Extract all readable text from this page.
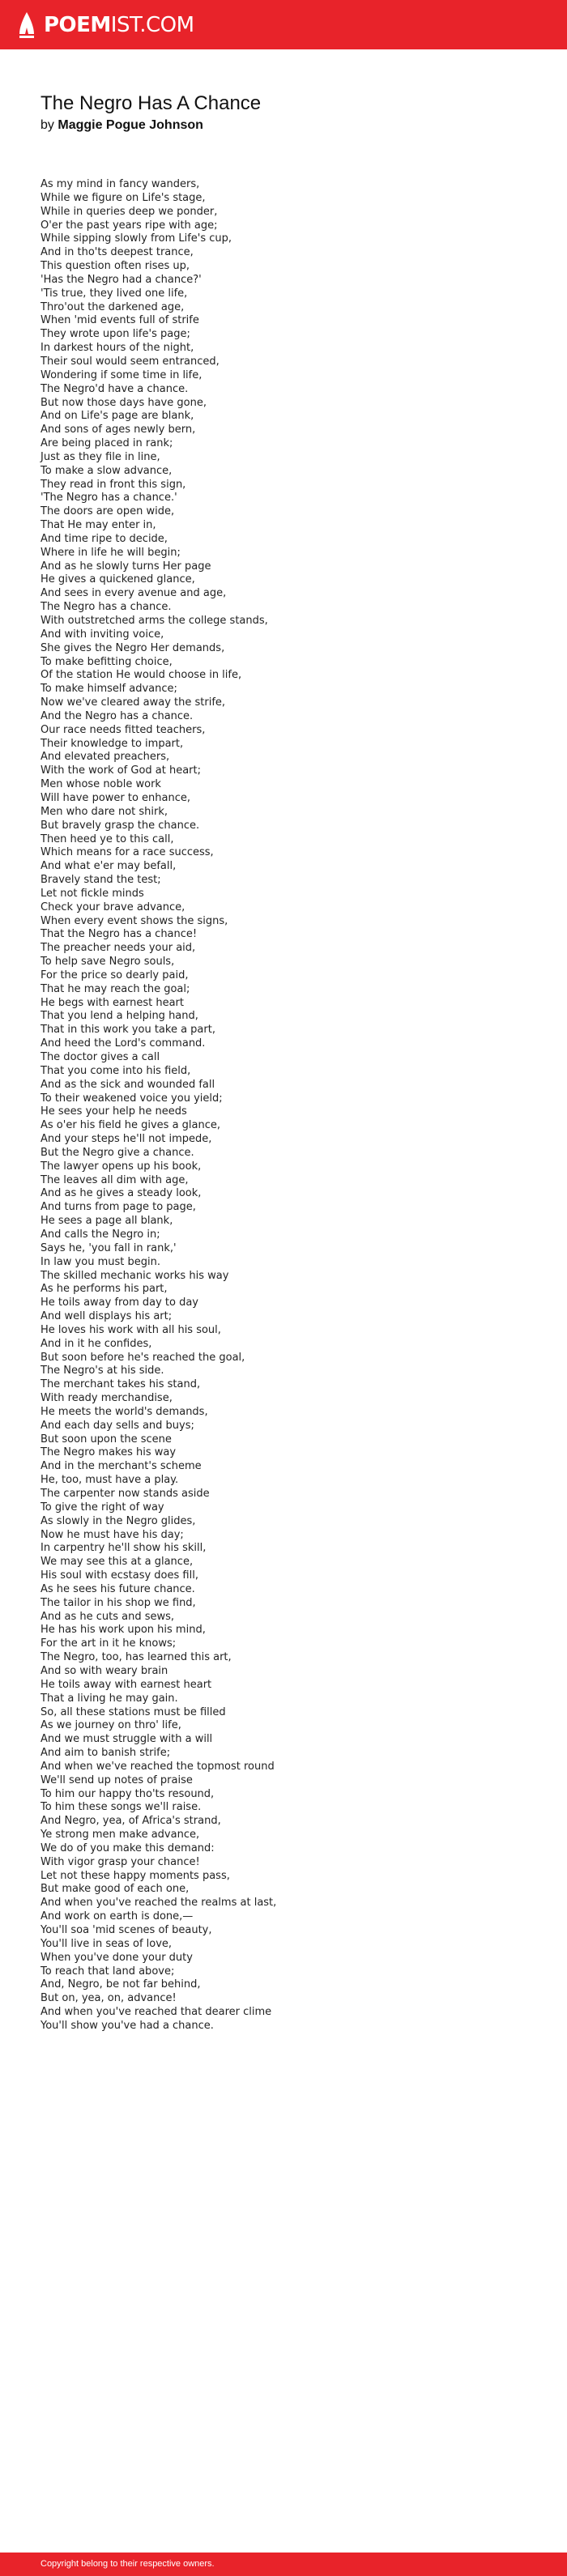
POEMIST.COM
The Negro Has A Chance
by Maggie Pogue Johnson
As my mind in fancy wanders,
While we figure on Life's stage,
While in queries deep we ponder,
O'er the past years ripe with age;
While sipping slowly from Life's cup,
And in tho'ts deepest trance,
This question often rises up,
'Has the Negro had a chance?'
'Tis true, they lived one life,
Thro'out the darkened age,
When 'mid events full of strife
They wrote upon life's page;
In darkest hours of the night,
Their soul would seem entranced,
Wondering if some time in life,
The Negro'd have a chance.
But now those days have gone,
And on Life's page are blank,
And sons of ages newly bern,
Are being placed in rank;
Just as they file in line,
To make a slow advance,
They read in front this sign,
'The Negro has a chance.'
The doors are open wide,
That He may enter in,
And time ripe to decide,
Where in life he will begin;
And as he slowly turns Her page
He gives a quickened glance,
And sees in every avenue and age,
The Negro has a chance.
With outstretched arms the college stands,
And with inviting voice,
She gives the Negro Her demands,
To make befitting choice,
Of the station He would choose in life,
To make himself advance;
Now we've cleared away the strife,
And the Negro has a chance.
Our race needs fitted teachers,
Their knowledge to impart,
And elevated preachers,
With the work of God at heart;
Men whose noble work
Will have power to enhance,
Men who dare not shirk,
But bravely grasp the chance.
Then heed ye to this call,
Which means for a race success,
And what e'er may befall,
Bravely stand the test;
Let not fickle minds
Check your brave advance,
When every event shows the signs,
That the Negro has a chance!
The preacher needs your aid,
To help save Negro souls,
For the price so dearly paid,
That he may reach the goal;
He begs with earnest heart
That you lend a helping hand,
That in this work you take a part,
And heed the Lord's command.
The doctor gives a call
That you come into his field,
And as the sick and wounded fall
To their weakened voice you yield;
He sees your help he needs
As o'er his field he gives a glance,
And your steps he'll not impede,
But the Negro give a chance.
The lawyer opens up his book,
The leaves all dim with age,
And as he gives a steady look,
And turns from page to page,
He sees a page all blank,
And calls the Negro in;
Says he, 'you fall in rank,'
In law you must begin.
The skilled mechanic works his way
As he performs his part,
He toils away from day to day
And well displays his art;
He loves his work with all his soul,
And in it he confides,
But soon before he's reached the goal,
The Negro's at his side.
The merchant takes his stand,
With ready merchandise,
He meets the world's demands,
And each day sells and buys;
But soon upon the scene
The Negro makes his way
And in the merchant's scheme
He, too, must have a play.
The carpenter now stands aside
To give the right of way
As slowly in the Negro glides,
Now he must have his day;
In carpentry he'll show his skill,
We may see this at a glance,
His soul with ecstasy does fill,
As he sees his future chance.
The tailor in his shop we find,
And as he cuts and sews,
He has his work upon his mind,
For the art in it he knows;
The Negro, too, has learned this art,
And so with weary brain
He toils away with earnest heart
That a living he may gain.
So, all these stations must be filled
As we journey on thro' life,
And we must struggle with a will
And aim to banish strife;
And when we've reached the topmost round
We'll send up notes of praise
To him our happy tho'ts resound,
To him these songs we'll raise.
And Negro, yea, of Africa's strand,
Ye strong men make advance,
We do of you make this demand:
With vigor grasp your chance!
Let not these happy moments pass,
But make good of each one,
And when you've reached the realms at last,
And work on earth is done,—
You'll soa 'mid scenes of beauty,
You'll live in seas of love,
When you've done your duty
To reach that land above;
And, Negro, be not far behind,
But on, yea, on, advance!
And when you've reached that dearer clime
You'll show you've had a chance.
Copyright belong to their respective owners.
